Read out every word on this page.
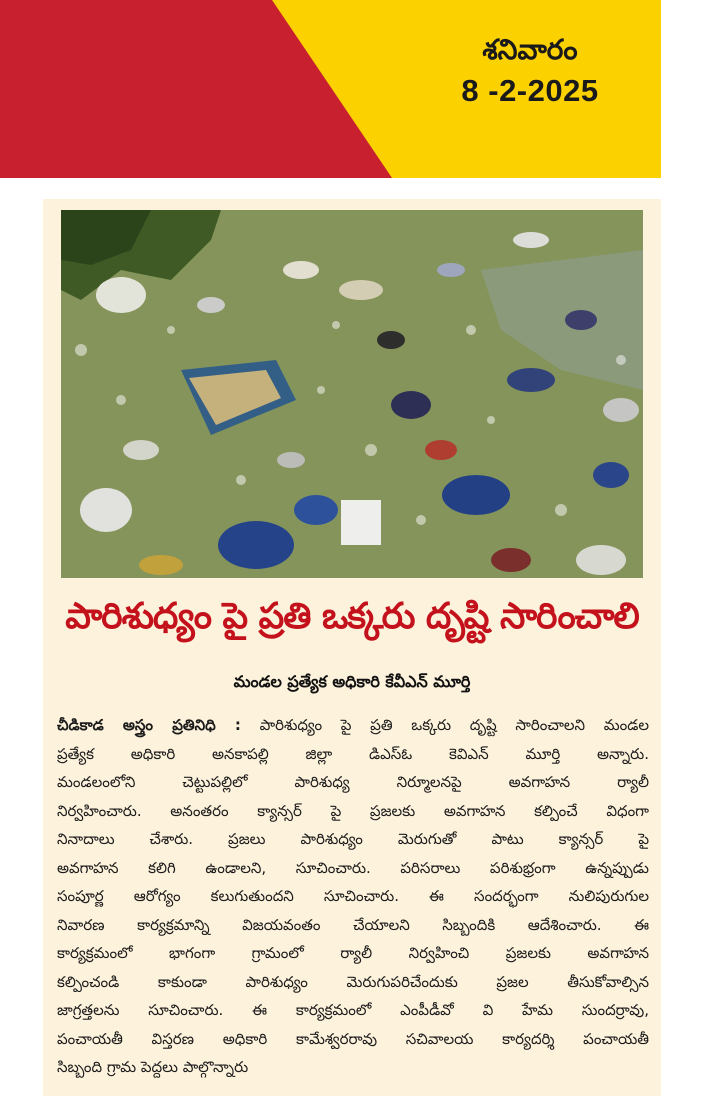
శనివారం
8 -2-2025
పారిశుధ్యం పై ప్రతి ఒక్కరు దృష్టి సారించాలి
మండల ప్రత్యేక అధికారి కేవీఎన్ మూర్తి
చీడికాడ అస్త్రం ప్రతినిధి : పారిశుధ్యం పై ప్రతి ఒక్కరు దృష్టి సారించాలని మండల
ప్రత్యేక అధికారి అనకాపల్లి జిల్లా డిఎస్ఓ కెవిఎన్ మూర్తి అన్నారు.
మండలంలోని చెట్టుపల్లిలో పారిశుధ్య నిర్మూలనపై అవగాహన ర్యాలీ
నిర్వహించారు. అనంతరం క్యాన్సర్ పై ప్రజలకు అవగాహన కల్పించే విధంగా
నినాదాలు చేశారు. ప్రజలు పారిశుధ్యం మెరుగుతో పాటు క్యాన్సర్ పై
అవగాహన కలిగి ఉండాలని, సూచించారు. పరిసరాలు పరిశుభ్రంగా ఉన్నప్పుడు
సంపూర్ణ ఆరోగ్యం కలుగుతుందని సూచించారు. ఈ సందర్భంగా నులిపురుగుల
నివారణ కార్యక్రమాన్ని విజయవంతం చేయాలని సిబ్బందికి ఆదేశించారు. ఈ
కార్యక్రమంలో భాగంగా గ్రామంలో ర్యాలీ నిర్వహించి ప్రజలకు అవగాహన
కల్పించండి కాకుండా పారిశుధ్యం మెరుగుపరిచేందుకు ప్రజల తీసుకోవాల్సిన
జాగ్రత్తలను సూచించారు. ఈ కార్యక్రమంలో ఎంపీడీవో వి హేమ సుందర్రావు,
పంచాయతీ విస్తరణ అధికారి కామేశ్వరరావు సచివాలయ కార్యదర్శి పంచాయతీ
సిబ్బంది గ్రామ పెద్దలు పాల్గొన్నారు
